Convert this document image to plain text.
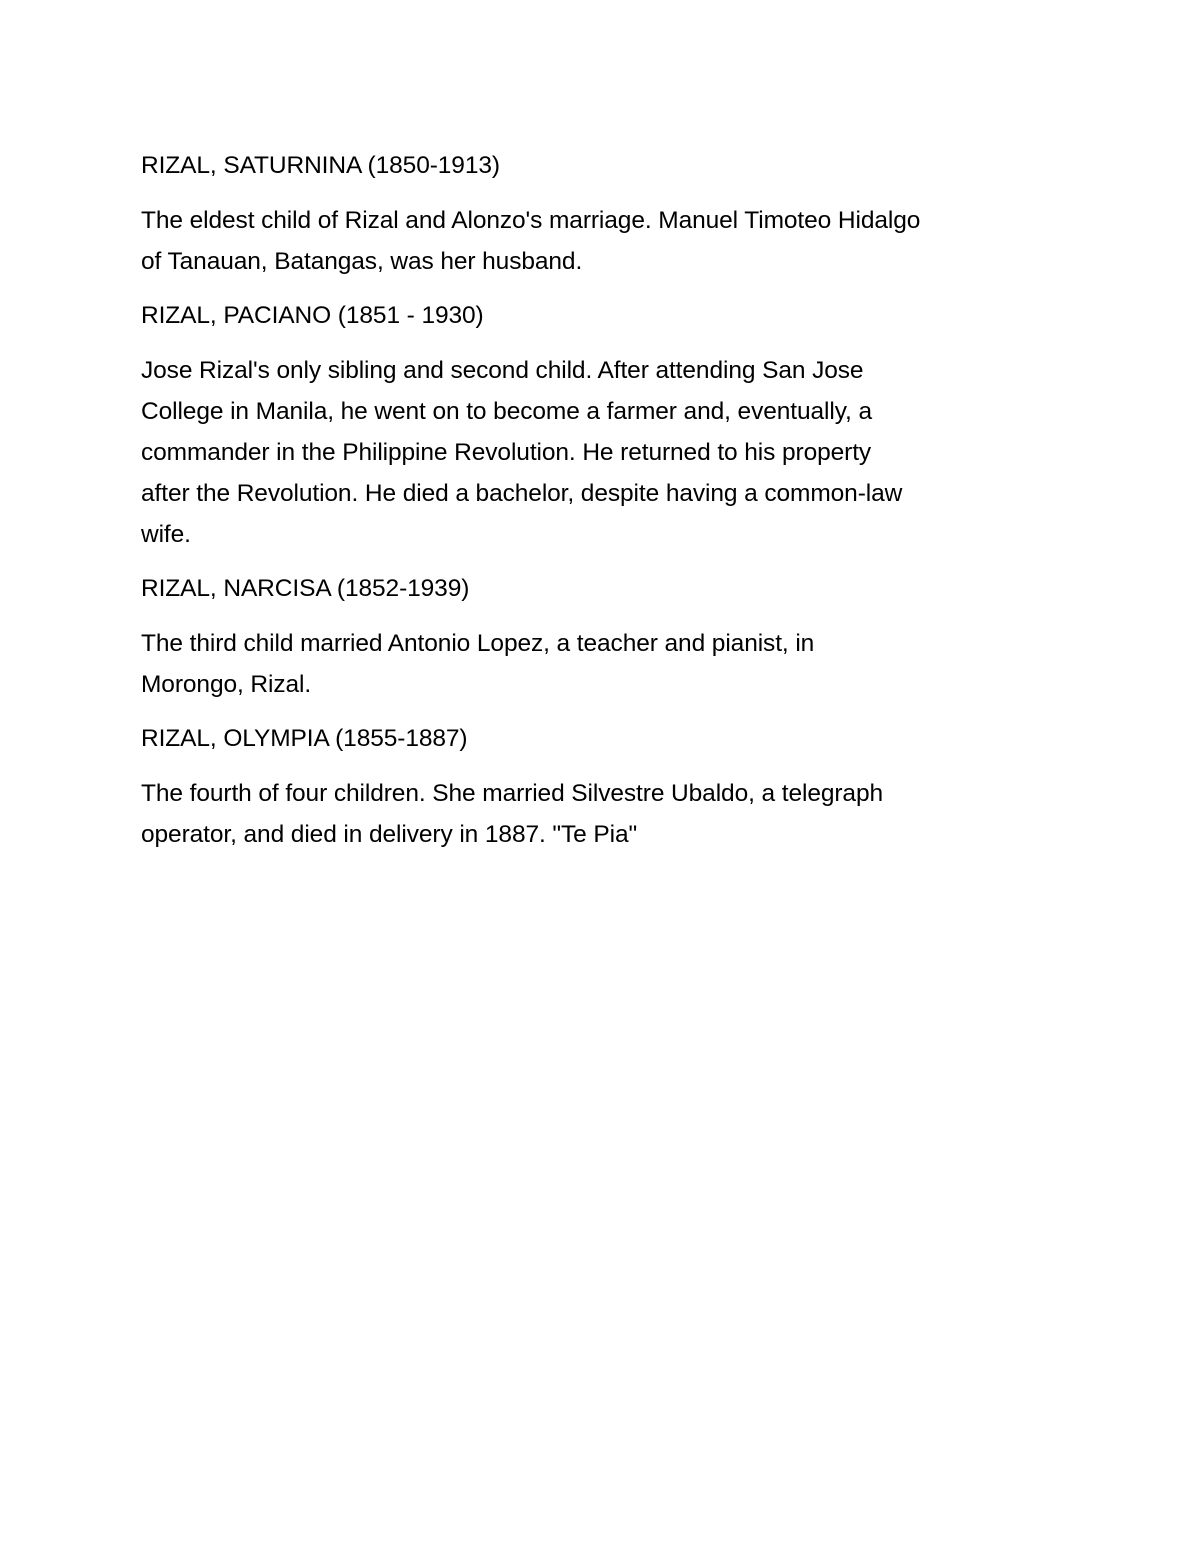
RIZAL, SATURNINA (1850-1913)

The eldest child of Rizal and Alonzo's marriage. Manuel Timoteo Hidalgo
of Tanauan, Batangas, was her husband.

RIZAL, PACIANO (1851 - 1930)

Jose Rizal's only sibling and second child. After attending San Jose
College in Manila, he went on to become a farmer and, eventually, a
commander in the Philippine Revolution. He returned to his property
after the Revolution. He died a bachelor, despite having a common-law
wife.

RIZAL, NARCISA (1852-1939)

The third child married Antonio Lopez, a teacher and pianist, in
Morongo, Rizal.

RIZAL, OLYMPIA (1855-1887)

The fourth of four children. She married Silvestre Ubaldo, a telegraph
operator, and died in delivery in 1887. "Te Pia"
